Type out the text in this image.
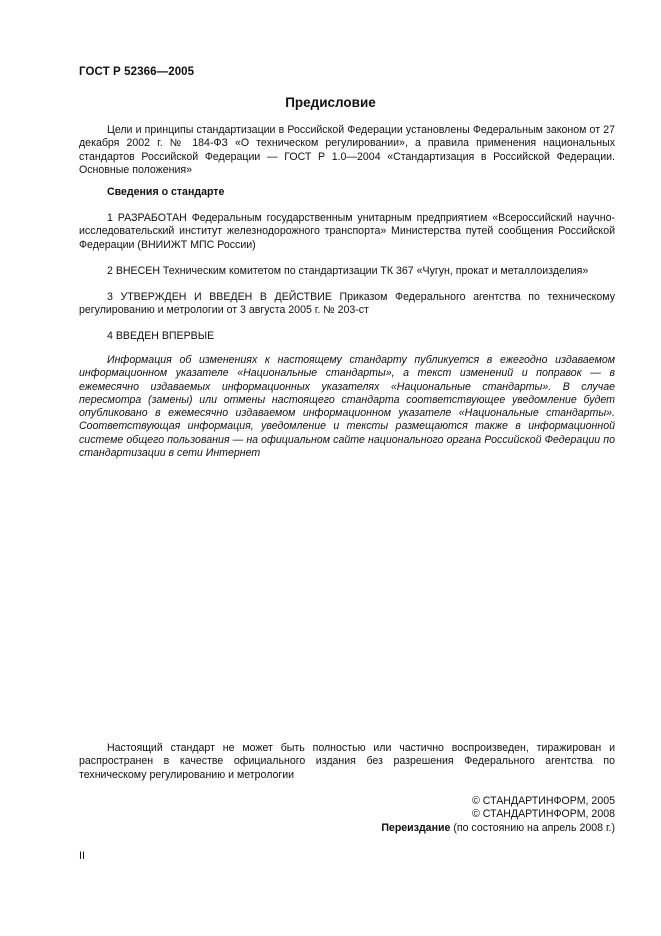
ГОСТ Р 52366—2005
Предисловие

Цели и принципы стандартизации в Российской Федерации установлены Федеральным законом от 27 декабря 2002 г. № 184-ФЗ «О техническом регулировании», а правила применения национальных стандартов Российской Федерации — ГОСТ Р 1.0—2004 «Стандартизация в Российской Федерации. Основные положения»

Сведения о стандарте

1 РАЗРАБОТАН Федеральным государственным унитарным предприятием «Всероссийский научно-исследовательский институт железнодорожного транспорта» Министерства путей сообщения Российской Федерации (ВНИИЖТ МПС России)

2 ВНЕСЕН Техническим комитетом по стандартизации ТК 367 «Чугун, прокат и металлоизделия»

3 УТВЕРЖДЕН И ВВЕДЕН В ДЕЙСТВИЕ Приказом Федерального агентства по техническому регулированию и метрологии от 3 августа 2005 г. № 203-ст

4 ВВЕДЕН ВПЕРВЫЕ

Информация об изменениях к настоящему стандарту публикуется в ежегодно издаваемом информационном указателе «Национальные стандарты», а текст изменений и поправок — в ежемесячно издаваемых информационных указателях «Национальные стандарты». В случае пересмотра (замены) или отмены настоящего стандарта соответствующее уведомление будет опубликовано в ежемесячно издаваемом информационном указателе «Национальные стандарты». Соответствующая информация, уведомление и тексты размещаются также в информационной системе общего пользования — на официальном сайте национального органа Российской Федерации по стандартизации в сети Интернет

Настоящий стандарт не может быть полностью или частично воспроизведен, тиражирован и распространен в качестве официального издания без разрешения Федерального агентства по техническому регулированию и метрологии

© СТАНДАРТИНФОРМ, 2005

© СТАНДАРТИНФОРМ, 2008

Переиздание (по состоянию на апрель 2008 г.)

II
